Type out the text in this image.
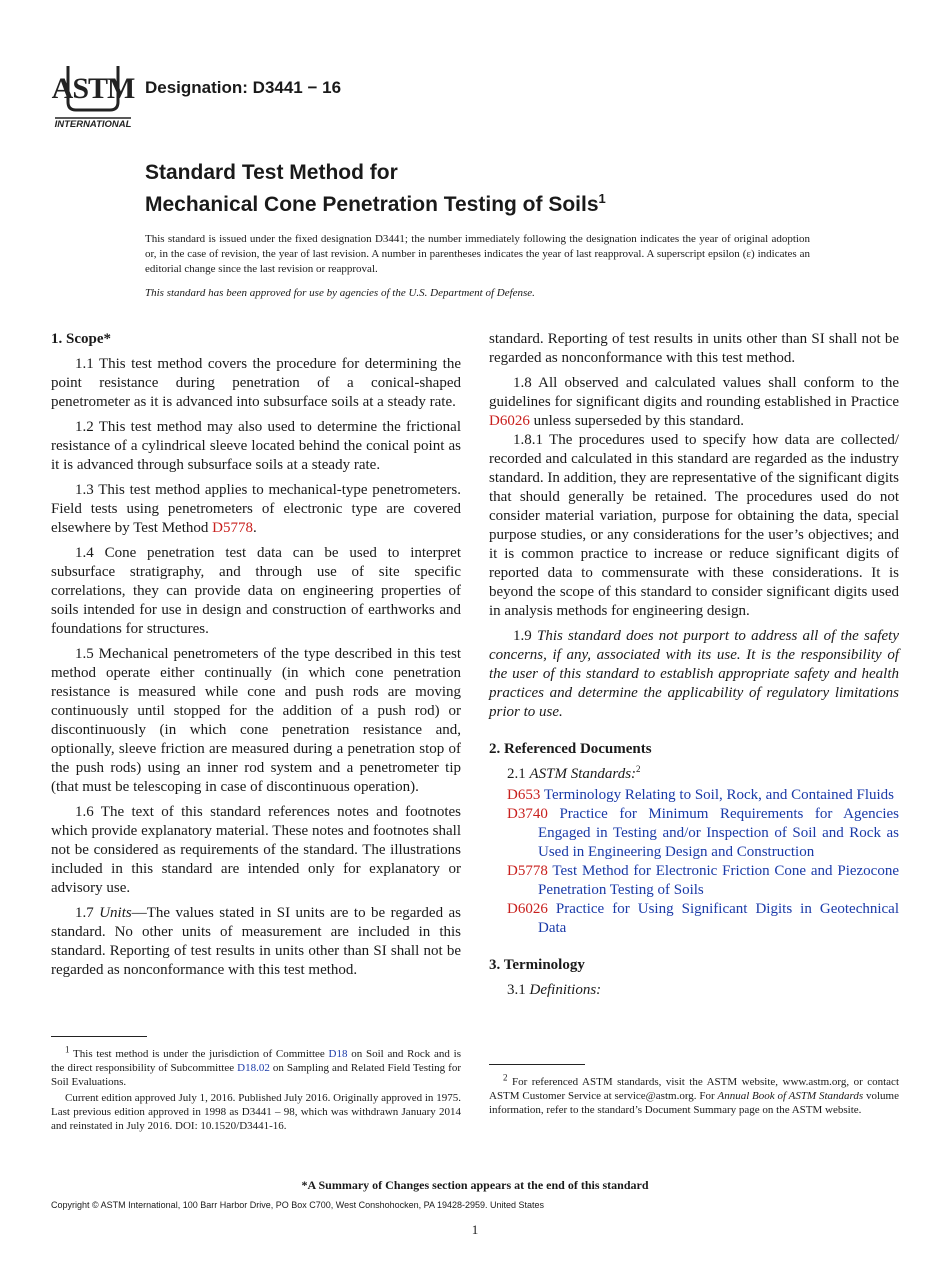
ASTM
INTERNATIONAL
Designation: D3441 − 16
Standard Test Method for
Mechanical Cone Penetration Testing of Soils$^1$
This standard is issued under the fixed designation D3441; the number immediately following the designation indicates the year of original adoption or, in the case of revision, the year of last revision. A number in parentheses indicates the year of last reapproval. A superscript epsilon (ε) indicates an editorial change since the last revision or reapproval.
This standard has been approved for use by agencies of the U.S. Department of Defense.
1. Scope*

1.1 This test method covers the procedure for determining the point resistance during penetration of a conical-shaped penetrometer as it is advanced into subsurface soils at a steady rate.

1.2 This test method may also used to determine the frictional resistance of a cylindrical sleeve located behind the conical point as it is advanced through subsurface soils at a steady rate.

1.3 This test method applies to mechanical-type penetrometers. Field tests using penetrometers of electronic type are covered elsewhere by Test Method D5778.

1.4 Cone penetration test data can be used to interpret subsurface stratigraphy, and through use of site specific correlations, they can provide data on engineering properties of soils intended for use in design and construction of earthworks and foundations for structures.

1.5 Mechanical penetrometers of the type described in this test method operate either continually (in which cone penetration resistance is measured while cone and push rods are moving continuously until stopped for the addition of a push rod) or discontinuously (in which cone penetration resistance and, optionally, sleeve friction are measured during a penetration stop of the push rods) using an inner rod system and a penetrometer tip (that must be telescoping in case of discontinuous operation).

1.6 The text of this standard references notes and footnotes which provide explanatory material. These notes and footnotes shall not be considered as requirements of the standard. The illustrations included in this standard are intended only for explanatory or advisory use.

1.7 Units—The values stated in SI units are to be regarded as standard. No other units of measurement are included in this standard. Reporting of test results in units other than SI shall not be regarded as nonconformance with this test method.

standard. Reporting of test results in units other than SI shall not be regarded as nonconformance with this test method.

1.8 All observed and calculated values shall conform to the guidelines for significant digits and rounding established in Practice D6026 unless superseded by this standard.

1.8.1 The procedures used to specify how data are collected/ recorded and calculated in this standard are regarded as the industry standard. In addition, they are representative of the significant digits that should generally be retained. The procedures used do not consider material variation, purpose for obtaining the data, special purpose studies, or any considerations for the user’s objectives; and it is common practice to increase or reduce significant digits of reported data to commensurate with these considerations. It is beyond the scope of this standard to consider significant digits used in analysis methods for engineering design.

1.9 This standard does not purport to address all of the safety concerns, if any, associated with its use. It is the responsibility of the user of this standard to establish appropriate safety and health practices and determine the applicability of regulatory limitations prior to use.

2. Referenced Documents

2.1 ASTM Standards:$^2$

D653 Terminology Relating to Soil, Rock, and Contained Fluids

D3740 Practice for Minimum Requirements for Agencies Engaged in Testing and/or Inspection of Soil and Rock as Used in Engineering Design and Construction

D5778 Test Method for Electronic Friction Cone and Piezocone Penetration Testing of Soils

D6026 Practice for Using Significant Digits in Geotechnical Data

3. Terminology

3.1 Definitions:

$^1$ This test method is under the jurisdiction of Committee D18 on Soil and Rock and is the direct responsibility of Subcommittee D18.02 on Sampling and Related Field Testing for Soil Evaluations.

Current edition approved July 1, 2016. Published July 2016. Originally approved in 1975. Last previous edition approved in 1998 as D3441 – 98, which was withdrawn January 2014 and reinstated in July 2016. DOI: 10.1520/D3441-16.

$^2$ For referenced ASTM standards, visit the ASTM website, www.astm.org, or contact ASTM Customer Service at service@astm.org. For Annual Book of ASTM Standards volume information, refer to the standard’s Document Summary page on the ASTM website.

*A Summary of Changes section appears at the end of this standard
Copyright © ASTM International, 100 Barr Harbor Drive, PO Box C700, West Conshohocken, PA 19428-2959. United States
1
